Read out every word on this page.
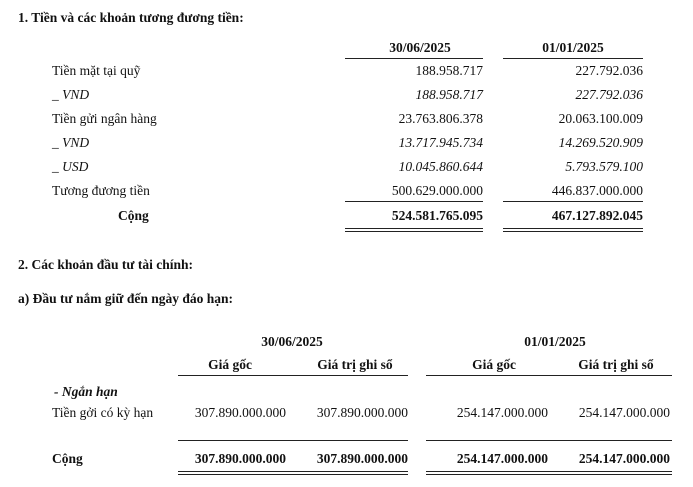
1. Tiền và các khoản tương đương tiền:
30/06/2025	01/01/2025
Tiền mặt tại quỹ	188.958.717	227.792.036
_ VND	188.958.717	227.792.036
Tiền gửi ngân hàng	23.763.806.378	20.063.100.009
_ VND	13.717.945.734	14.269.520.909
_ USD	10.045.860.644	5.793.579.100
Tương đương tiền	500.629.000.000	446.837.000.000
Cộng	524.581.765.095	467.127.892.045
2. Các khoản đầu tư tài chính:
a) Đầu tư nắm giữ đến ngày đáo hạn:
30/06/2025	01/01/2025
Giá gốc	Giá trị ghi sổ	Giá gốc	Giá trị ghi sổ
- Ngắn hạn
Tiền gởi có kỳ hạn	307.890.000.000	307.890.000.000	254.147.000.000	254.147.000.000
Cộng	307.890.000.000	307.890.000.000	254.147.000.000	254.147.000.000
